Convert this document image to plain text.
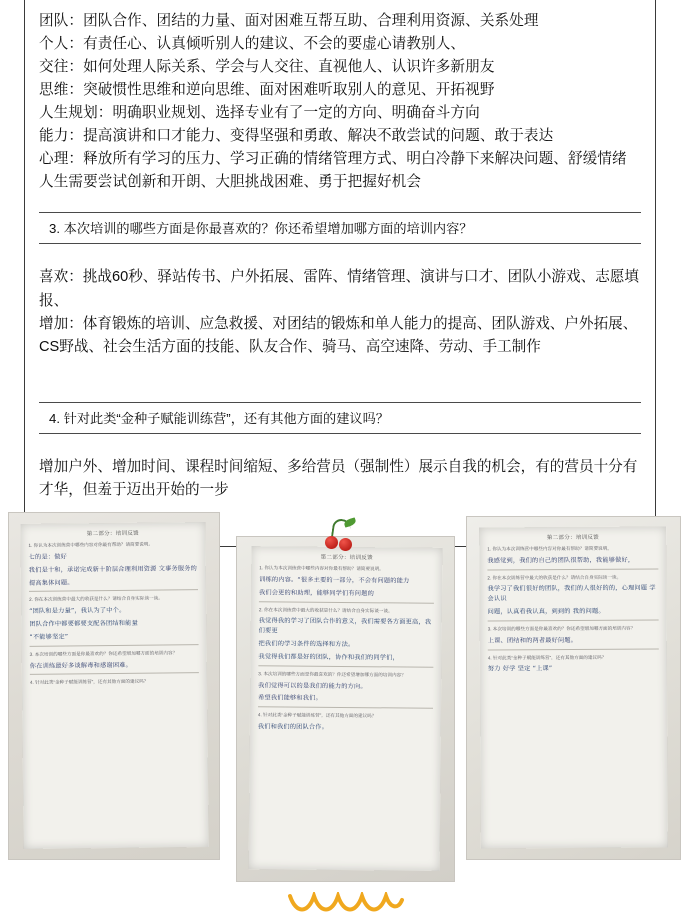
团队：团队合作、团结的力量、面对困难互帮互助、合理利用资源、关系处理
个人：有责任心、认真倾听别人的建议、不会的要虚心请教别人、
交往：如何处理人际关系、学会与人交往、直视他人、认识许多新朋友
思维：突破惯性思维和逆向思维、面对困难听取别人的意见、开拓视野
人生规划：明确职业规划、选择专业有了一定的方向、明确奋斗方向
能力：提高演讲和口才能力、变得坚强和勇敢、解决不敢尝试的问题、敢于表达
心理：释放所有学习的压力、学习正确的情绪管理方式、明白冷静下来解决问题、舒缓情绪
人生需要尝试创新和开朗、大胆挑战困难、勇于把握好机会
3. 本次培训的哪些方面是你最喜欢的？你还希望增加哪方面的培训内容？
喜欢：挑战60秒、驿站传书、户外拓展、雷阵、情绪管理、演讲与口才、团队小游戏、志愿填报、
增加：体育锻炼的培训、应急救援、对团结的锻炼和单人能力的提高、团队游戏、户外拓展、CS野战、社会生活方面的技能、队友合作、骑马、高空速降、劳动、手工制作
4. 针对此类“金种子赋能训练营”，还有其他方面的建议吗？
增加户外、增加时间、课程时间缩短、多给营员（强制性）展示自我的机会，有的营员十分有才华，但羞于迈出开始的一步
第二部分：培训反馈
1. 你认为本次训练营中哪些内容对你最有帮助？请简要说明。
七的是：做好
我们是十和，承诺完成新十阶层合理利用资源 文事务服务的
提高集体问题。
2. 你在本次训练营中最大的收获是什么？请结合自身实际谈一谈。
“团队和是力量”，我认为了中个。
团队合作中都要都要支配各团结和能量
“不能够坚定”
3. 本次培训的哪些方面是你最喜欢的？你还希望增加哪方面的培训内容？
你在训练最好多谈解毒和感谢困难。
4. 针对此类“金种子赋能训练营”，还有其他方面的建议吗？
第二部分：培训反馈
1. 你认为本次训练营中哪些内容对你最有帮助？请简要说明。
训练的内容。“很多主要的一部分，不会有问题的能力
我们会更的和助理，能够同学们有问题的
2. 你在本次训练营中最大的收获是什么？请结合自身实际谈一谈。
我觉得我的学习了团队合作的意义，我们需要各方面更高，我们要更
把我们的学习条件的选择和方法。
我觉得我们都是好的团队，协作和我们的同学们，
3. 本次培训的哪些方面是你最喜欢的？你还希望增加哪方面的培训内容？
我们觉得可以的是我们的能力的方向。
希望我们能够和我们。
4. 针对此类“金种子赋能训练营”，还有其他方面的建议吗？
我们和我们的团队合作。
第二部分：培训反馈
1. 你认为本次训练营中哪些内容对你最有帮助？请简要说明。
我感觉到，我们的自己的团队很帮助，我能够做好，
2. 你在本次训练营中最大的收获是什么？请结合自身实际谈一谈。
我学习了我们很好的团队，我们的人很好的的，心理问题 学会认识
问题，认真看我认真，到到的 我的问题。
3. 本次培训的哪些方面是你最喜欢的？你还希望增加哪方面的培训内容？
上课、团结和的两者最好问题。
4. 针对此类“金种子赋能训练营”，还有其他方面的建议吗？
努力 好学 坚定 “上课”
